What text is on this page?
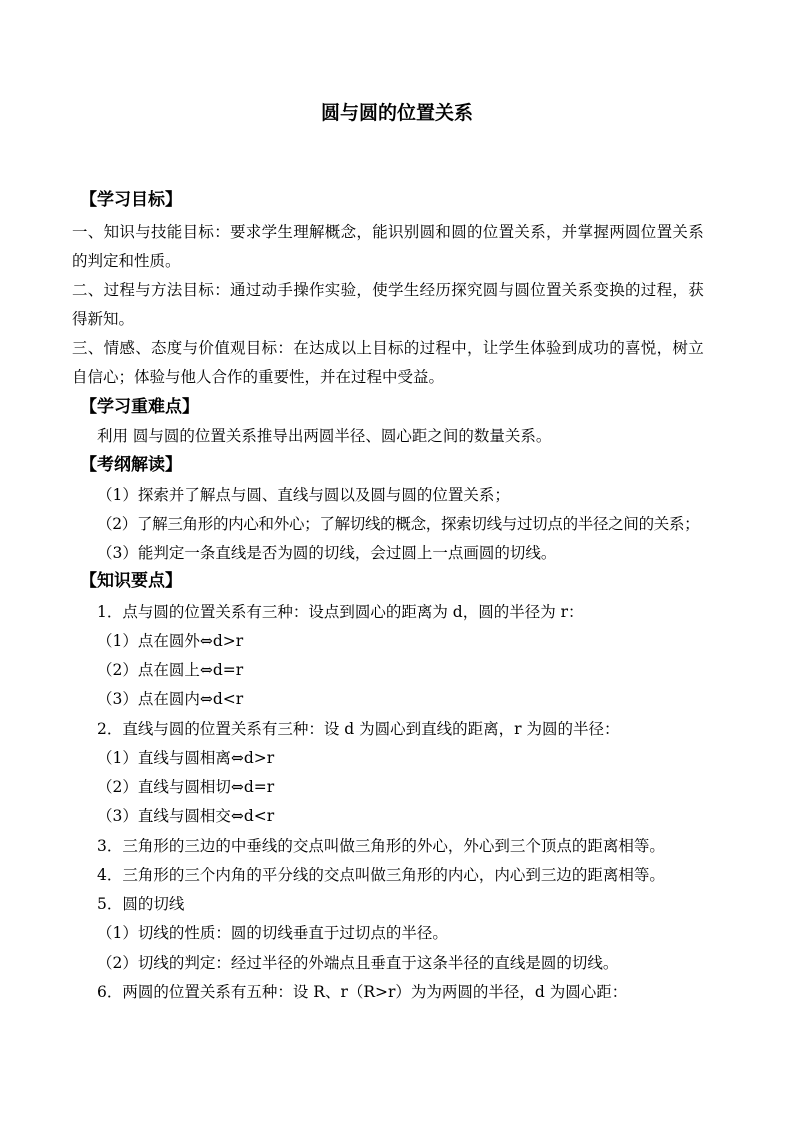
圆与圆的位置关系
【学习目标】
一、知识与技能目标：要求学生理解概念，能识别圆和圆的位置关系，并掌握两圆位置关系
的判定和性质。
二、过程与方法目标：通过动手操作实验，使学生经历探究圆与圆位置关系变换的过程，获
得新知。
三、情感、态度与价值观目标：在达成以上目标的过程中，让学生体验到成功的喜悦，树立
自信心；体验与他人合作的重要性，并在过程中受益。
【学习重难点】
利用 圆与圆的位置关系推导出两圆半径、圆心距之间的数量关系。
【考纲解读】
（1）探索并了解点与圆、直线与圆以及圆与圆的位置关系；
（2）了解三角形的内心和外心；了解切线的概念，探索切线与过切点的半径之间的关系；
（3）能判定一条直线是否为圆的切线，会过圆上一点画圆的切线。
【知识要点】
1．点与圆的位置关系有三种：设点到圆心的距离为 d，圆的半径为 r：
（1）点在圆外⇔d>r
（2）点在圆上⇔d=r
（3）点在圆内⇔d<r
2．直线与圆的位置关系有三种：设 d 为圆心到直线的距离，r 为圆的半径：
（1）直线与圆相离⇔d>r
（2）直线与圆相切⇔d=r
（3）直线与圆相交⇔d<r
3．三角形的三边的中垂线的交点叫做三角形的外心，外心到三个顶点的距离相等。
4．三角形的三个内角的平分线的交点叫做三角形的内心，内心到三边的距离相等。
5．圆的切线
（1）切线的性质：圆的切线垂直于过切点的半径。
（2）切线的判定：经过半径的外端点且垂直于这条半径的直线是圆的切线。
6．两圆的位置关系有五种：设 R、r（R>r）为为两圆的半径，d 为圆心距：
